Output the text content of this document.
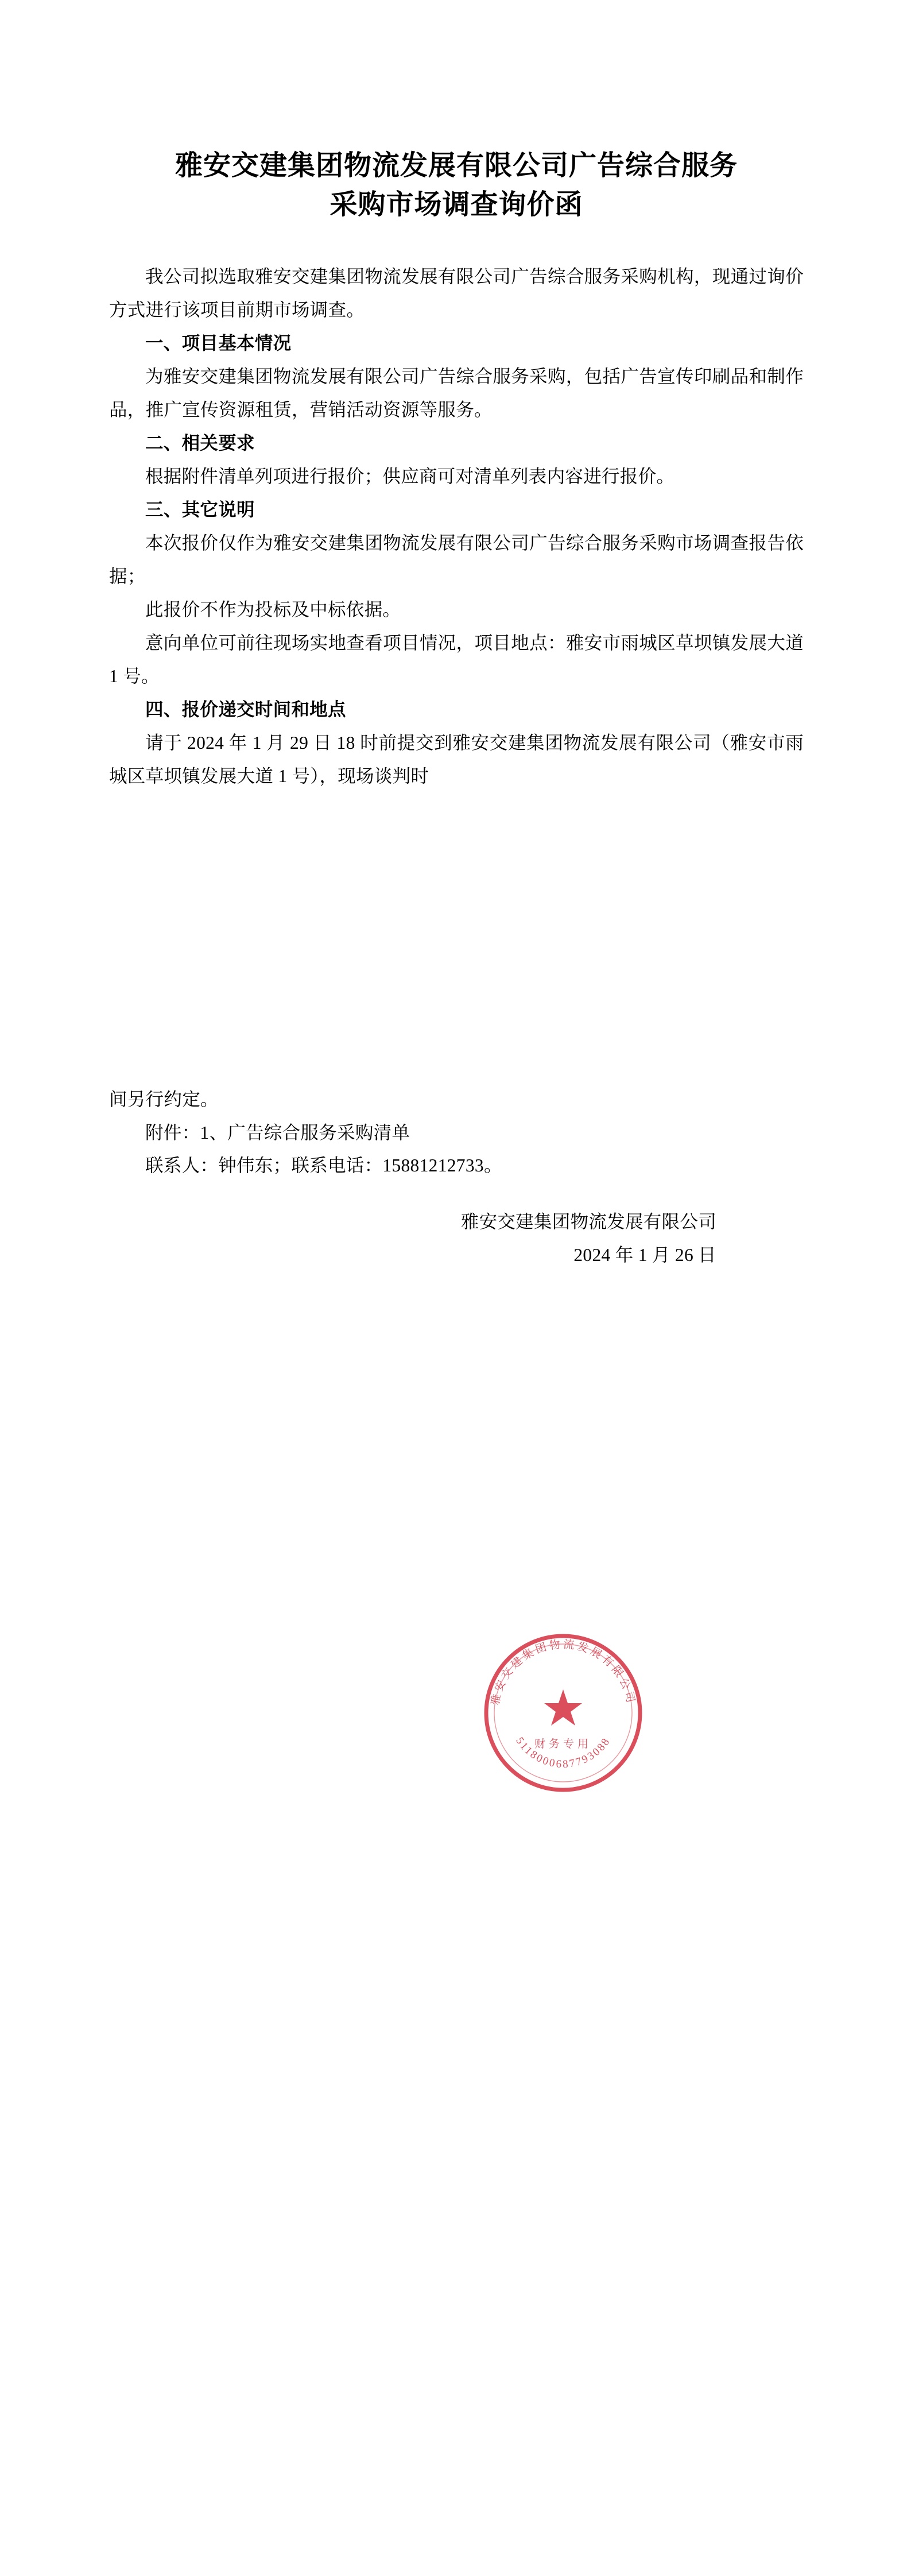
雅安交建集团物流发展有限公司广告综合服务
采购市场调查询价函

我公司拟选取雅安交建集团物流发展有限公司广告综合服务采购机构，现通过询价方式进行该项目前期市场调查。

一、项目基本情况

为雅安交建集团物流发展有限公司广告综合服务采购，包括广告宣传印刷品和制作品，推广宣传资源租赁，营销活动资源等服务。

二、相关要求

根据附件清单列项进行报价；供应商可对清单列表内容进行报价。

三、其它说明

本次报价仅作为雅安交建集团物流发展有限公司广告综合服务采购市场调查报告依据；

此报价不作为投标及中标依据。

意向单位可前往现场实地查看项目情况，项目地点：雅安市雨城区草坝镇发展大道 1 号。

四、报价递交时间和地点

请于 2024 年 1 月 29 日 18 时前提交到雅安交建集团物流发展有限公司（雅安市雨城区草坝镇发展大道 1 号），现场谈判时

间另行约定。

附件：1、广告综合服务采购清单

联系人：钟伟东；联系电话：15881212733。

雅安交建集团物流发展有限公司

2024 年 1 月 26 日

雅安交建集团物流发展有限公司
5118000687793088
财务专用
